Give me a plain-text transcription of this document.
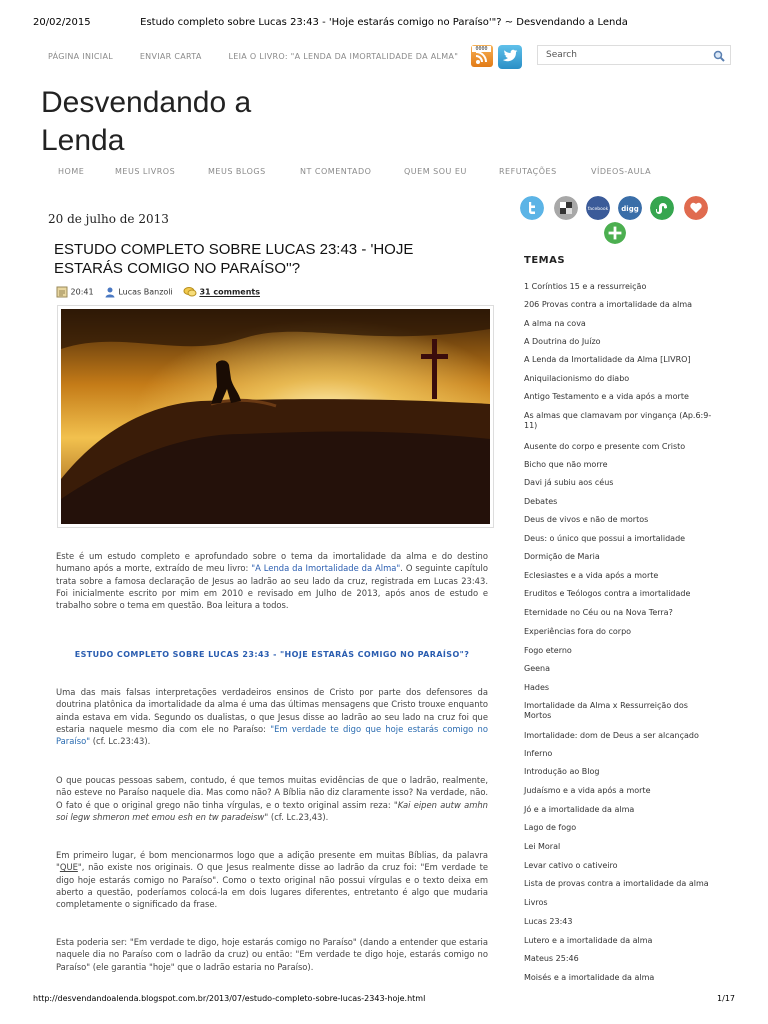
20/02/2015	Estudo completo sobre Lucas 23:43 - 'Hoje estarás comigo no Paraíso'"? ~ Desvendando a Lenda
PÁGINA INICIAL	ENVIAR CARTA	LEIA O LIVRO: "A LENDA DA IMORTALIDADE DA ALMA"
0000
Search
Desvendando a Lenda
HOME	MEUS LIVROS	MEUS BLOGS	NT COMENTADO	QUEM SOU EU	REFUTAÇÕES	VÍDEOS-AULA
20 de julho de 2013
ESTUDO COMPLETO SOBRE LUCAS 23:43 - 'HOJE ESTARÁS COMIGO NO PARAÍSO''?
20:41	Lucas Banzoli	31 comments
Este é um estudo completo e aprofundado sobre o tema da imortalidade da alma e do destino humano após a morte, extraído de meu livro: "A Lenda da Imortalidade da Alma". O seguinte capítulo trata sobre a famosa declaração de Jesus ao ladrão ao seu lado da cruz, registrada em Lucas 23:43. Foi inicialmente escrito por mim em 2010 e revisado em Julho de 2013, após anos de estudo e trabalho sobre o tema em questão. Boa leitura a todos.
ESTUDO COMPLETO SOBRE LUCAS 23:43 - "HOJE ESTARÁS COMIGO NO PARAÍSO"?
Uma das mais falsas interpretações verdadeiros ensinos de Cristo por parte dos defensores da doutrina platônica da imortalidade da alma é uma das últimas mensagens que Cristo trouxe enquanto ainda estava em vida. Segundo os dualistas, o que Jesus disse ao ladrão ao seu lado na cruz foi que estaria naquele mesmo dia com ele no Paraíso: "Em verdade te digo que hoje estarás comigo no Paraíso" (cf. Lc.23:43).
O que poucas pessoas sabem, contudo, é que temos muitas evidências de que o ladrão, realmente, não esteve no Paraíso naquele dia. Mas como não? A Bíblia não diz claramente isso? Na verdade, não. O fato é que o original grego não tinha vírgulas, e o texto original assim reza: "Kai eipen autw amhn soi legw shmeron met emou esh en tw paradeisw" (cf. Lc.23,43).
Em primeiro lugar, é bom mencionarmos logo que a adição presente em muitas Bíblias, da palavra "QUE", não existe nos originais. O que Jesus realmente disse ao ladrão da cruz foi: "Em verdade te digo hoje estarás comigo no Paraíso". Como o texto original não possui vírgulas e o texto deixa em aberto a questão, poderíamos colocá-la em dois lugares diferentes, entretanto é algo que mudaria completamente o significado da frase.
Esta poderia ser: "Em verdade te digo, hoje estarás comigo no Paraíso" (dando a entender que estaria naquele dia no Paraíso com o ladrão da cruz) ou então: "Em verdade te digo hoje, estarás comigo no Paraíso" (ele garantia "hoje" que o ladrão estaria no Paraíso).
facebook digg
TEMAS
1 Coríntios 15 e a ressurreição
206 Provas contra a imortalidade da alma
A alma na cova
A Doutrina do Juízo
A Lenda da Imortalidade da Alma [LIVRO]
Aniquilacionismo do diabo
Antigo Testamento e a vida após a morte
As almas que clamavam por vingança (Ap.6:9-11)
Ausente do corpo e presente com Cristo
Bicho que não morre
Davi já subiu aos céus
Debates
Deus de vivos e não de mortos
Deus: o único que possui a imortalidade
Dormição de Maria
Eclesiastes e a vida após a morte
Eruditos e Teólogos contra a imortalidade
Eternidade no Céu ou na Nova Terra?
Experiências fora do corpo
Fogo eterno
Geena
Hades
Imortalidade da Alma x Ressurreição dos Mortos
Imortalidade: dom de Deus a ser alcançado
Inferno
Introdução ao Blog
Judaísmo e a vida após a morte
Jó e a imortalidade da alma
Lago de fogo
Lei Moral
Levar cativo o cativeiro
Lista de provas contra a imortalidade da alma
Livros
Lucas 23:43
Lutero e a imortalidade da alma
Mateus 25:46
Moisés e a imortalidade da alma
http://desvendandoalenda.blogspot.com.br/2013/07/estudo-completo-sobre-lucas-2343-hoje.html	1/17
